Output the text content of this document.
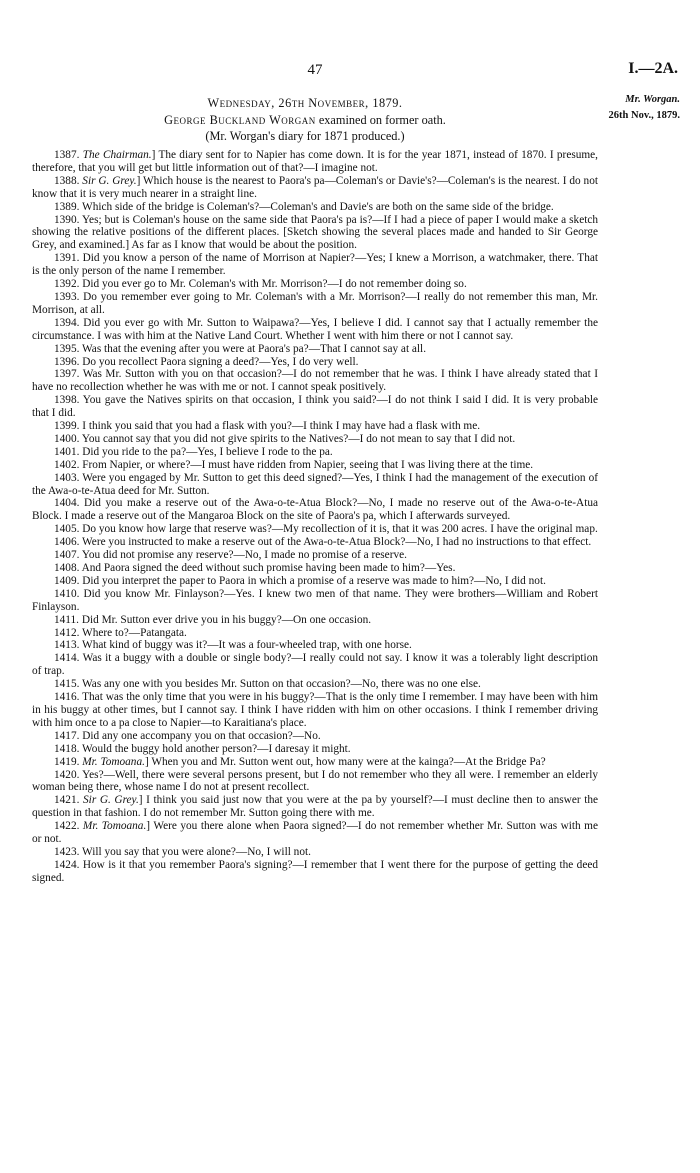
47	I.—2A.
Mr. Worgan.
26th Nov., 1879.
Wednesday, 26th November, 1879.
George Buckland Worgan examined on former oath.
(Mr. Worgan's diary for 1871 produced.)

1387. The Chairman.] The diary sent for to Napier has come down. It is for the year 1871, instead of 1870. I presume, therefore, that you will get but little information out of that?—I imagine not.

1388. Sir G. Grey.] Which house is the nearest to Paora's pa—Coleman's or Davie's?—Coleman's is the nearest. I do not know that it is very much nearer in a straight line.

1389. Which side of the bridge is Coleman's?—Coleman's and Davie's are both on the same side of the bridge.

1390. Yes; but is Coleman's house on the same side that Paora's pa is?—If I had a piece of paper I would make a sketch showing the relative positions of the different places. [Sketch showing the several places made and handed to Sir George Grey, and examined.] As far as I know that would be about the position.

1391. Did you know a person of the name of Morrison at Napier?—Yes; I knew a Morrison, a watchmaker, there. That is the only person of the name I remember.

1392. Did you ever go to Mr. Coleman's with Mr. Morrison?—I do not remember doing so.

1393. Do you remember ever going to Mr. Coleman's with a Mr. Morrison?—I really do not remember this man, Mr. Morrison, at all.

1394. Did you ever go with Mr. Sutton to Waipawa?—Yes, I believe I did. I cannot say that I actually remember the circumstance. I was with him at the Native Land Court. Whether I went with him there or not I cannot say.

1395. Was that the evening after you were at Paora's pa?—That I cannot say at all.

1396. Do you recollect Paora signing a deed?—Yes, I do very well.

1397. Was Mr. Sutton with you on that occasion?—I do not remember that he was. I think I have already stated that I have no recollection whether he was with me or not. I cannot speak positively.

1398. You gave the Natives spirits on that occasion, I think you said?—I do not think I said I did. It is very probable that I did.

1399. I think you said that you had a flask with you?—I think I may have had a flask with me.

1400. You cannot say that you did not give spirits to the Natives?—I do not mean to say that I did not.

1401. Did you ride to the pa?—Yes, I believe I rode to the pa.

1402. From Napier, or where?—I must have ridden from Napier, seeing that I was living there at the time.

1403. Were you engaged by Mr. Sutton to get this deed signed?—Yes, I think I had the management of the execution of the Awa-o-te-Atua deed for Mr. Sutton.

1404. Did you make a reserve out of the Awa-o-te-Atua Block?—No, I made no reserve out of the Awa-o-te-Atua Block. I made a reserve out of the Mangaroa Block on the site of Paora's pa, which I afterwards surveyed.

1405. Do you know how large that reserve was?—My recollection of it is, that it was 200 acres. I have the original map.

1406. Were you instructed to make a reserve out of the Awa-o-te-Atua Block?—No, I had no instructions to that effect.

1407. You did not promise any reserve?—No, I made no promise of a reserve.

1408. And Paora signed the deed without such promise having been made to him?—Yes.

1409. Did you interpret the paper to Paora in which a promise of a reserve was made to him?—No, I did not.

1410. Did you know Mr. Finlayson?—Yes. I knew two men of that name. They were brothers—William and Robert Finlayson.

1411. Did Mr. Sutton ever drive you in his buggy?—On one occasion.

1412. Where to?—Patangata.

1413. What kind of buggy was it?—It was a four-wheeled trap, with one horse.

1414. Was it a buggy with a double or single body?—I really could not say. I know it was a tolerably light description of trap.

1415. Was any one with you besides Mr. Sutton on that occasion?—No, there was no one else.

1416. That was the only time that you were in his buggy?—That is the only time I remember. I may have been with him in his buggy at other times, but I cannot say. I think I have ridden with him on other occasions. I think I remember driving with him once to a pa close to Napier—to Karaitiana's place.

1417. Did any one accompany you on that occasion?—No.

1418. Would the buggy hold another person?—I daresay it might.

1419. Mr. Tomoana.] When you and Mr. Sutton went out, how many were at the kainga?—At the Bridge Pa?

1420. Yes?—Well, there were several persons present, but I do not remember who they all were. I remember an elderly woman being there, whose name I do not at present recollect.

1421. Sir G. Grey.] I think you said just now that you were at the pa by yourself?—I must decline then to answer the question in that fashion. I do not remember Mr. Sutton going there with me.

1422. Mr. Tomoana.] Were you there alone when Paora signed?—I do not remember whether Mr. Sutton was with me or not.

1423. Will you say that you were alone?—No, I will not.

1424. How is it that you remember Paora's signing?—I remember that I went there for the purpose of getting the deed signed.
